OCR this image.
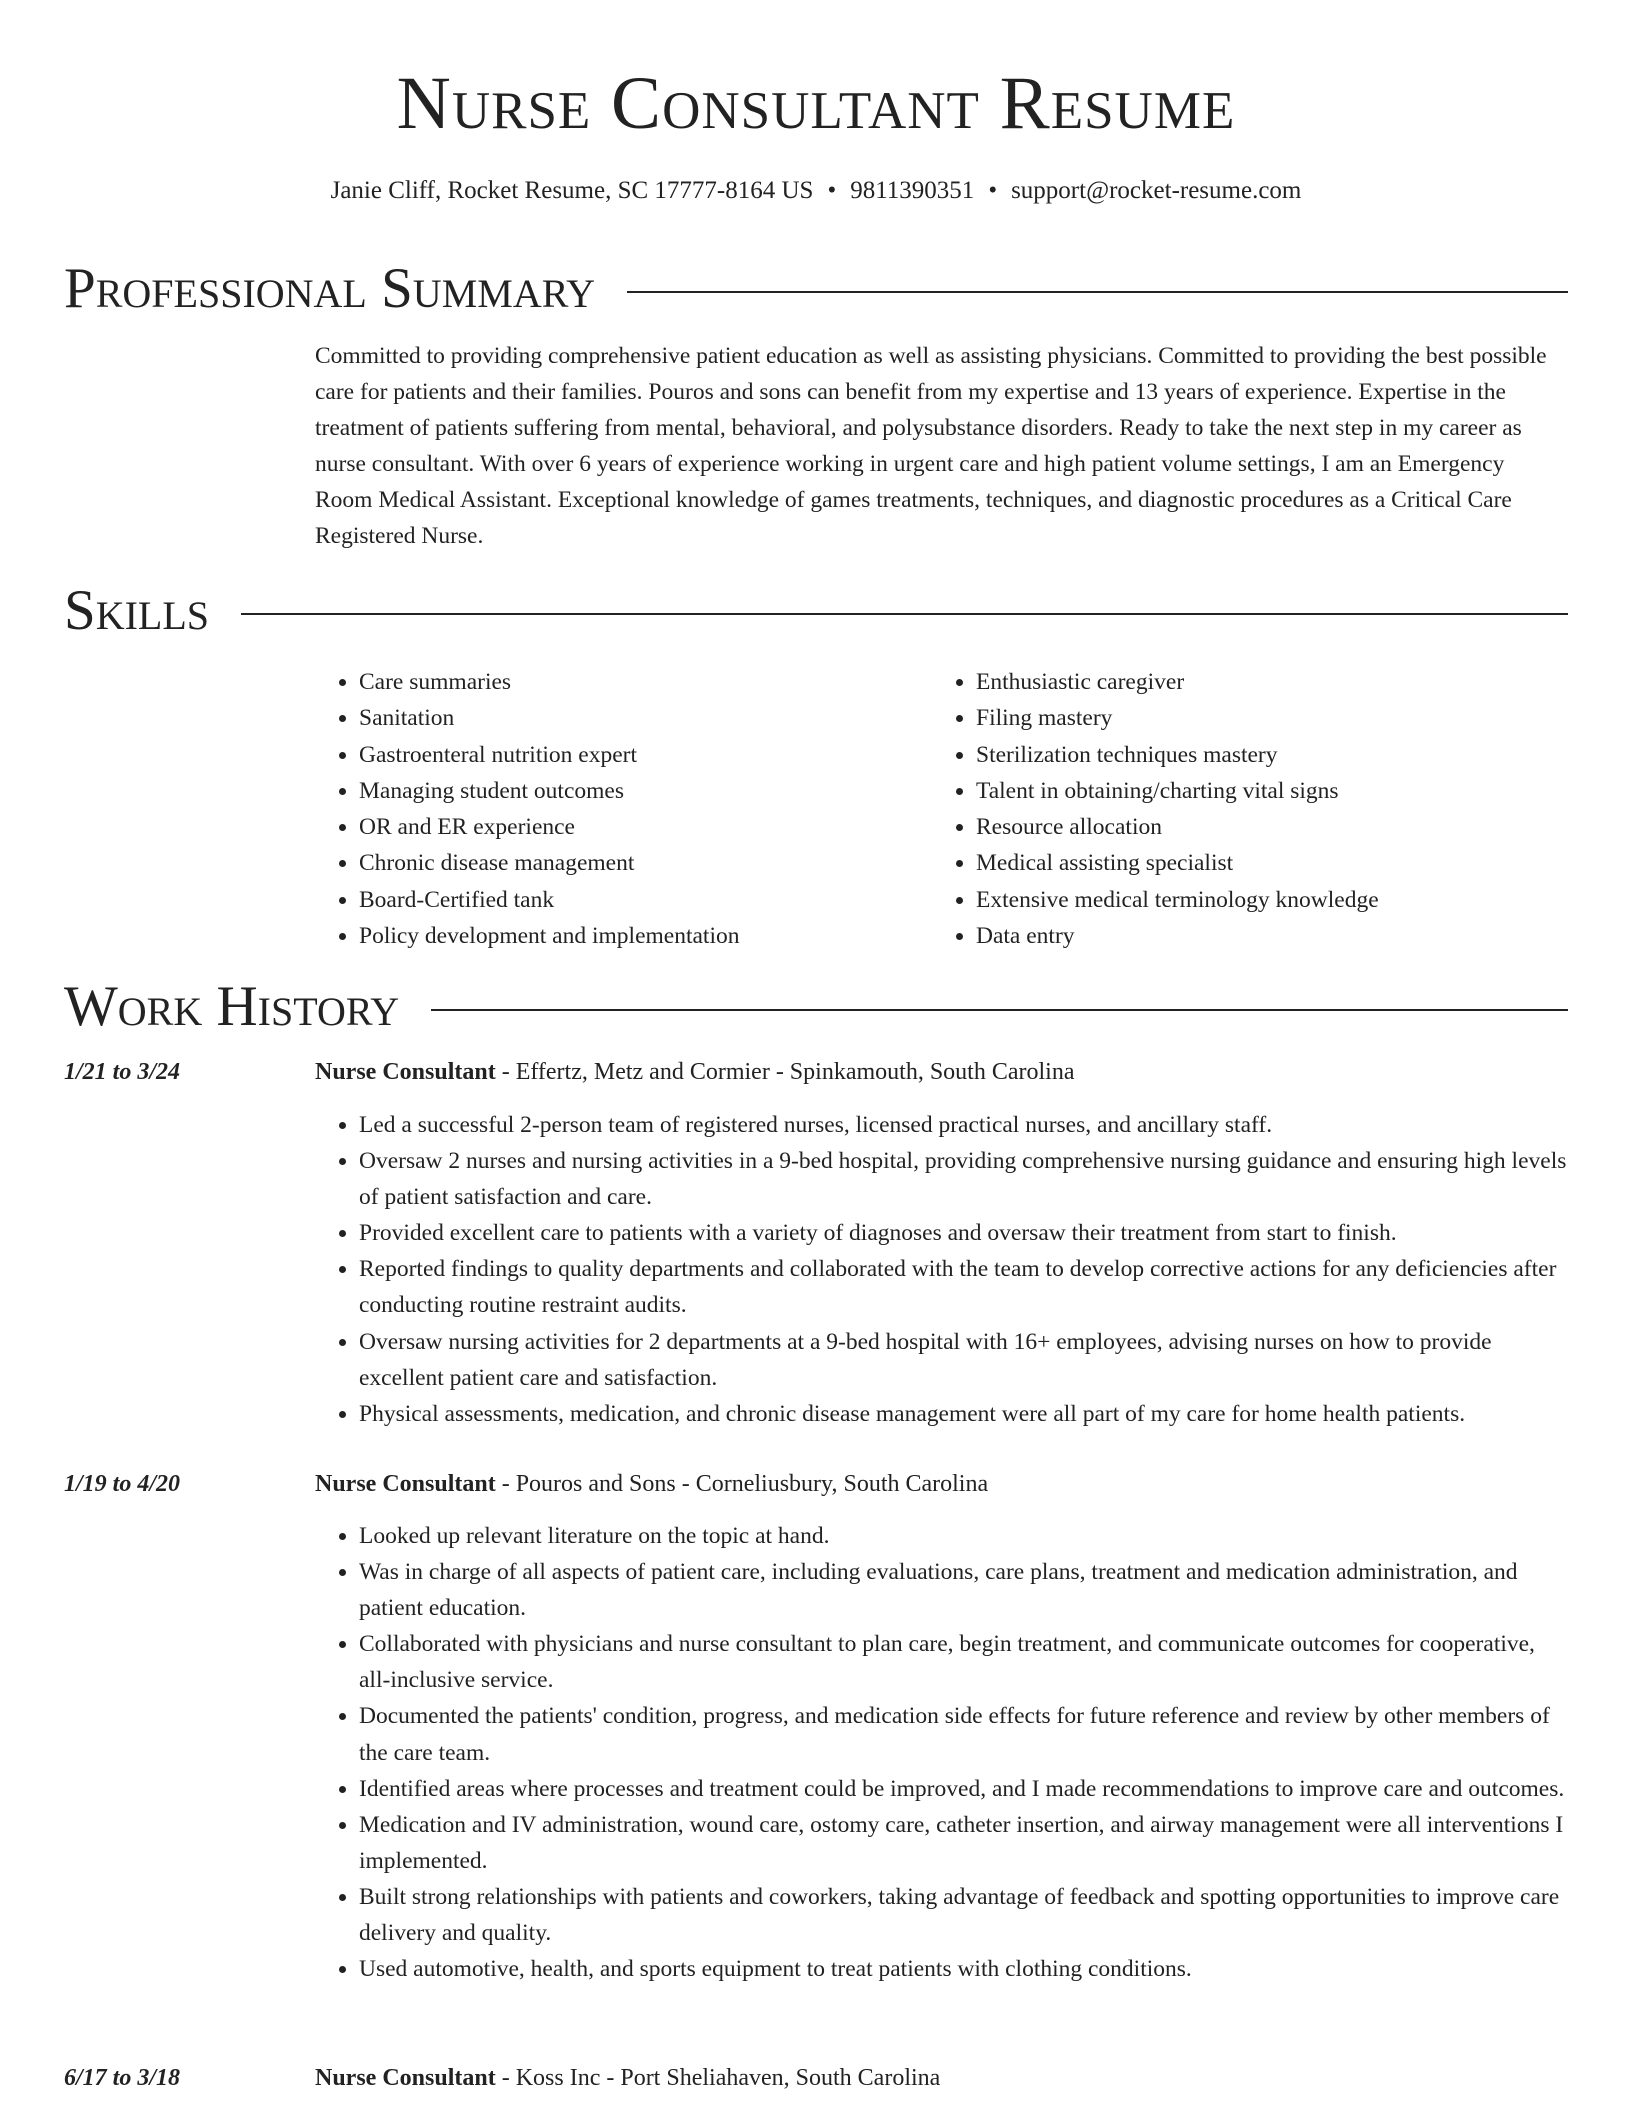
Nurse Consultant Resume
Janie Cliff, Rocket Resume, SC 17777-8164 US • 9811390351 • support@rocket-resume.com
Professional Summary

Committed to providing comprehensive patient education as well as assisting physicians. Committed to providing the best possible care for patients and their families. Pouros and sons can benefit from my expertise and 13 years of experience. Expertise in the treatment of patients suffering from mental, behavioral, and polysubstance disorders. Ready to take the next step in my career as nurse consultant. With over 6 years of experience working in urgent care and high patient volume settings, I am an Emergency Room Medical Assistant. Exceptional knowledge of games treatments, techniques, and diagnostic procedures as a Critical Care Registered Nurse.

Skills
• Care summaries
• Sanitation
• Gastroenteral nutrition expert
• Managing student outcomes
• OR and ER experience
• Chronic disease management
• Board-Certified tank
• Policy development and implementation
• Enthusiastic caregiver
• Filing mastery
• Sterilization techniques mastery
• Talent in obtaining/charting vital signs
• Resource allocation
• Medical assisting specialist
• Extensive medical terminology knowledge
• Data entry
Work History
1/21 to 3/24	Nurse Consultant - Effertz, Metz and Cormier - Spinkamouth, South Carolina
• Led a successful 2-person team of registered nurses, licensed practical nurses, and ancillary staff.
• Oversaw 2 nurses and nursing activities in a 9-bed hospital, providing comprehensive nursing guidance and ensuring high levels of patient satisfaction and care.
• Provided excellent care to patients with a variety of diagnoses and oversaw their treatment from start to finish.
• Reported findings to quality departments and collaborated with the team to develop corrective actions for any deficiencies after conducting routine restraint audits.
• Oversaw nursing activities for 2 departments at a 9-bed hospital with 16+ employees, advising nurses on how to provide excellent patient care and satisfaction.
• Physical assessments, medication, and chronic disease management were all part of my care for home health patients.
1/19 to 4/20	Nurse Consultant - Pouros and Sons - Corneliusbury, South Carolina
• Looked up relevant literature on the topic at hand.
• Was in charge of all aspects of patient care, including evaluations, care plans, treatment and medication administration, and patient education.
• Collaborated with physicians and nurse consultant to plan care, begin treatment, and communicate outcomes for cooperative, all-inclusive service.
• Documented the patients' condition, progress, and medication side effects for future reference and review by other members of the care team.
• Identified areas where processes and treatment could be improved, and I made recommendations to improve care and outcomes.
• Medication and IV administration, wound care, ostomy care, catheter insertion, and airway management were all interventions I implemented.
• Built strong relationships with patients and coworkers, taking advantage of feedback and spotting opportunities to improve care delivery and quality.
• Used automotive, health, and sports equipment to treat patients with clothing conditions.
6/17 to 3/18	Nurse Consultant - Koss Inc - Port Sheliahaven, South Carolina
